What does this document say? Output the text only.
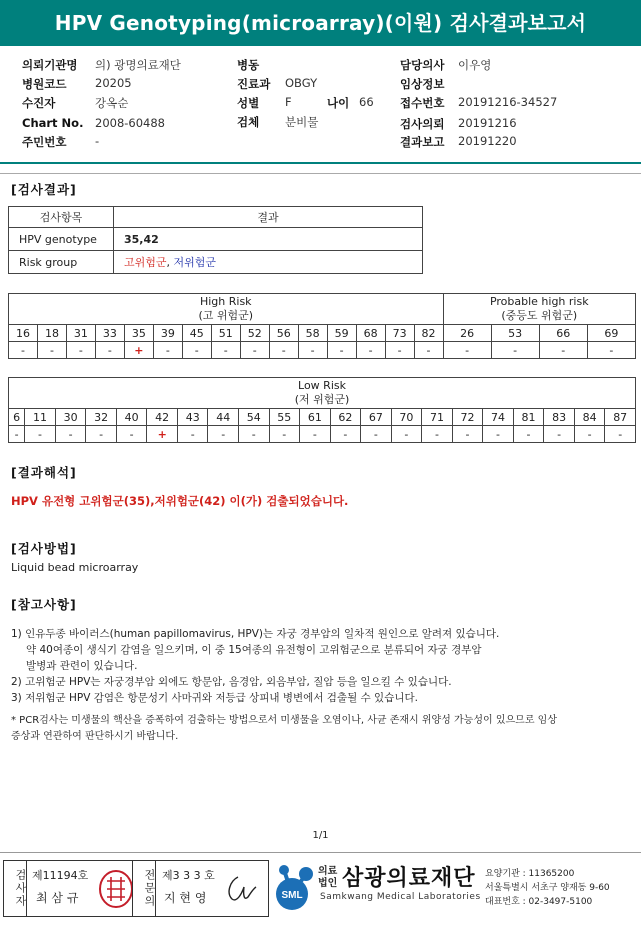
HPV Genotyping(microarray)(이원) 검사결과보고서
의뢰기관명 의) 광명의료재단
병원코드 20205
수진자	강옥순
Chart No. 2008-60488
주민번호 -
병동
진료과 OBGY
성별 F	나이 66
검체 분비물
담당의사 이우영
임상정보
접수번호 20191216-34527
검사의뢰 20191216
결과보고 20191220
[검사결과]
검사항목	결과
HPV genotype	35,42
Risk group	고위험군, 저위험군
High Risk
(고 위험군)															Probable high risk
(중등도 위험군)			
16	18	31	33	35	39	45	51	52	56	58	59	68	73	82	26	53	66	69
-	-	-	-	+	-	-	-	-	-	-	-	-	-	-	-	-	-	-
Low Risk
(저 위험군)																				
6	11	30	32	40	42	43	44	54	55	61	62	67	70	71	72	74	81	83	84	87
-	-	-	-	-	+	-	-	-	-	-	-	-	-	-	-	-	-	-	-	-
[결과해석]
HPV 유전형 고위험군(35),저위험군(42) 이(가) 검출되었습니다.
[검사방법]
Liquid bead microarray
[참고사항]
1) 인유두종 바이러스(human papillomavirus, HPV)는 자궁 경부암의 일차적 원인으로 알려져 있습니다.
약 40여종이 생식기 감염을 일으키며, 이 중 15여종의 유전형이 고위험군으로 분류되어 자궁 경부암
발병과 관련이 있습니다.
2) 고위험군 HPV는 자궁경부암 외에도 항문암, 음경암, 외음부암, 질암 등을 일으킬 수 있습니다.
3) 저위험군 HPV 감염은 항문성기 사마귀와 저등급 상피내 병변에서 검출될 수 있습니다.
* PCR검사는 미생물의 핵산을 증폭하여 검출하는 방법으로서 미생물을 오염이나, 사균 존재시 위양성 가능성이 있으므로 임상
증상과 연관하여 판단하시기 바랍니다.
1/1
검사자 제11194호
최 삼 규	전문의 제3 3 3 호
지 현 영	SML
의료
법인 삼광의료재단
Samkwang Medical Laboratories
요양기관 : 11365200
서울특별시 서초구 양재동 9-60
대표번호 : 02-3497-5100
